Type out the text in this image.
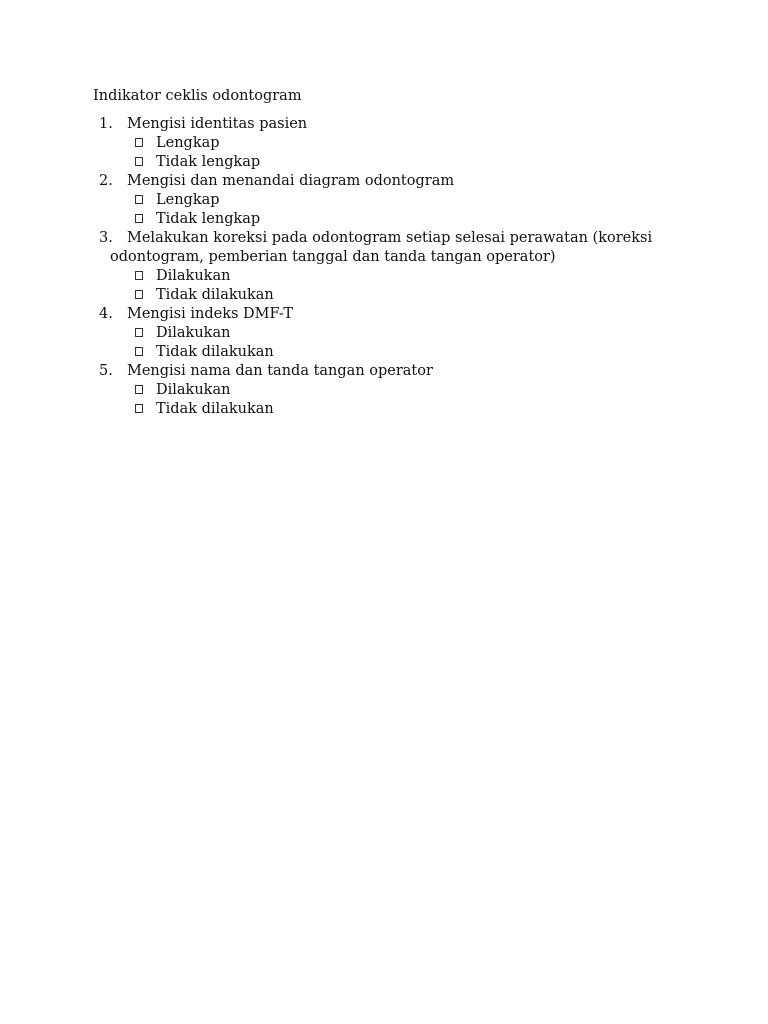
Indikator ceklis odontogram
1. Mengisi identitas pasien
Lengkap
Tidak lengkap
2. Mengisi dan menandai diagram odontogram
Lengkap
Tidak lengkap
3. Melakukan koreksi pada odontogram setiap selesai perawatan (koreksi
odontogram, pemberian tanggal dan tanda tangan operator)
Dilakukan
Tidak dilakukan
4. Mengisi indeks DMF-T
Dilakukan
Tidak dilakukan
5. Mengisi nama dan tanda tangan operator
Dilakukan
Tidak dilakukan
